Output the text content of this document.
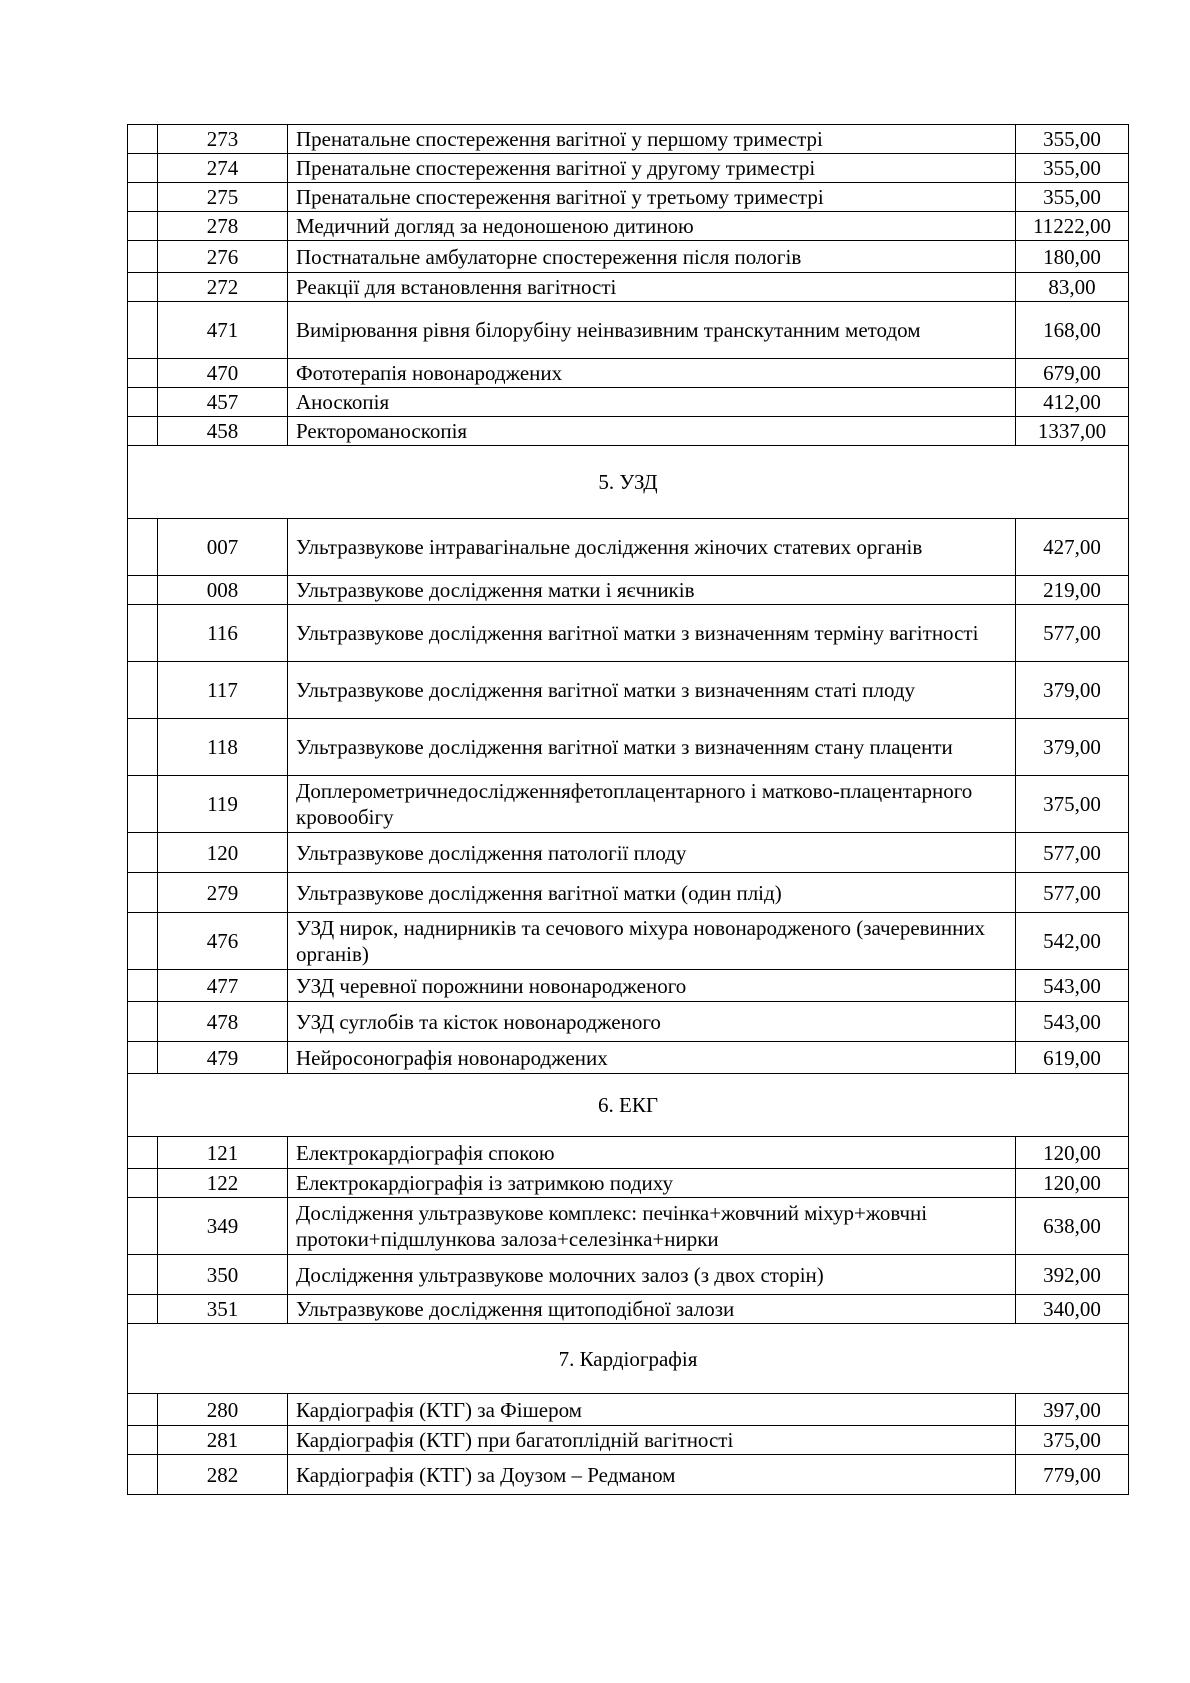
	273	Пренатальне спостереження вагітної у першому триместрі	355,00
	274	Пренатальне спостереження вагітної у другому триместрі	355,00
	275	Пренатальне спостереження вагітної у третьому триместрі	355,00
	278	Медичний догляд за недоношеною дитиною	11222,00
	276	Постнатальне амбулаторне спостереження після пологів	180,00
	272	Реакції для встановлення вагітності	83,00
	471	Вимірювання рівня білорубіну неінвазивним транскутанним методом	168,00
	470	Фототерапія новонароджених	679,00
	457	Аноскопія	412,00
	458	Ректороманоскопія	1337,00
5. УЗД			
	007	Ультразвукове інтравагінальне дослідження жіночих статевих органів	427,00
	008	Ультразвукове дослідження матки і яєчників	219,00
	116	Ультразвукове дослідження вагітної матки з визначенням терміну вагітності	577,00
	117	Ультразвукове дослідження вагітної матки з визначенням статі плоду	379,00
	118	Ультразвукове дослідження вагітної матки з визначенням стану плаценти	379,00
	119	Доплерометричнедослідженняфетоплацентарного і матково-плацентарного кровообігу	375,00
	120	Ультразвукове дослідження патології плоду	577,00
	279	Ультразвукове дослідження вагітної матки (один плід)	577,00
	476	УЗД нирок, наднирників та сечового міхура новонародженого (зачеревинних органів)	542,00
	477	УЗД черевної порожнини новонародженого	543,00
	478	УЗД суглобів та кісток новонародженого	543,00
	479	Нейросонографія новонароджених	619,00
6. ЕКГ			
	121	Електрокардіографія спокою	120,00
	122	Електрокардіографія із затримкою подиху	120,00
	349	Дослідження ультразвукове комплекс: печінка+жовчний міхур+жовчні протоки+підшлункова залоза+селезінка+нирки	638,00
	350	Дослідження ультразвукове молочних залоз (з двох сторін)	392,00
	351	Ультразвукове дослідження щитоподібної залози	340,00
7. Кардіографія			
	280	Кардіографія (КТГ) за Фішером	397,00
	281	Кардіографія (КТГ) при багатоплідній вагітності	375,00
	282	Кардіографія (КТГ) за Доузом – Редманом	779,00
